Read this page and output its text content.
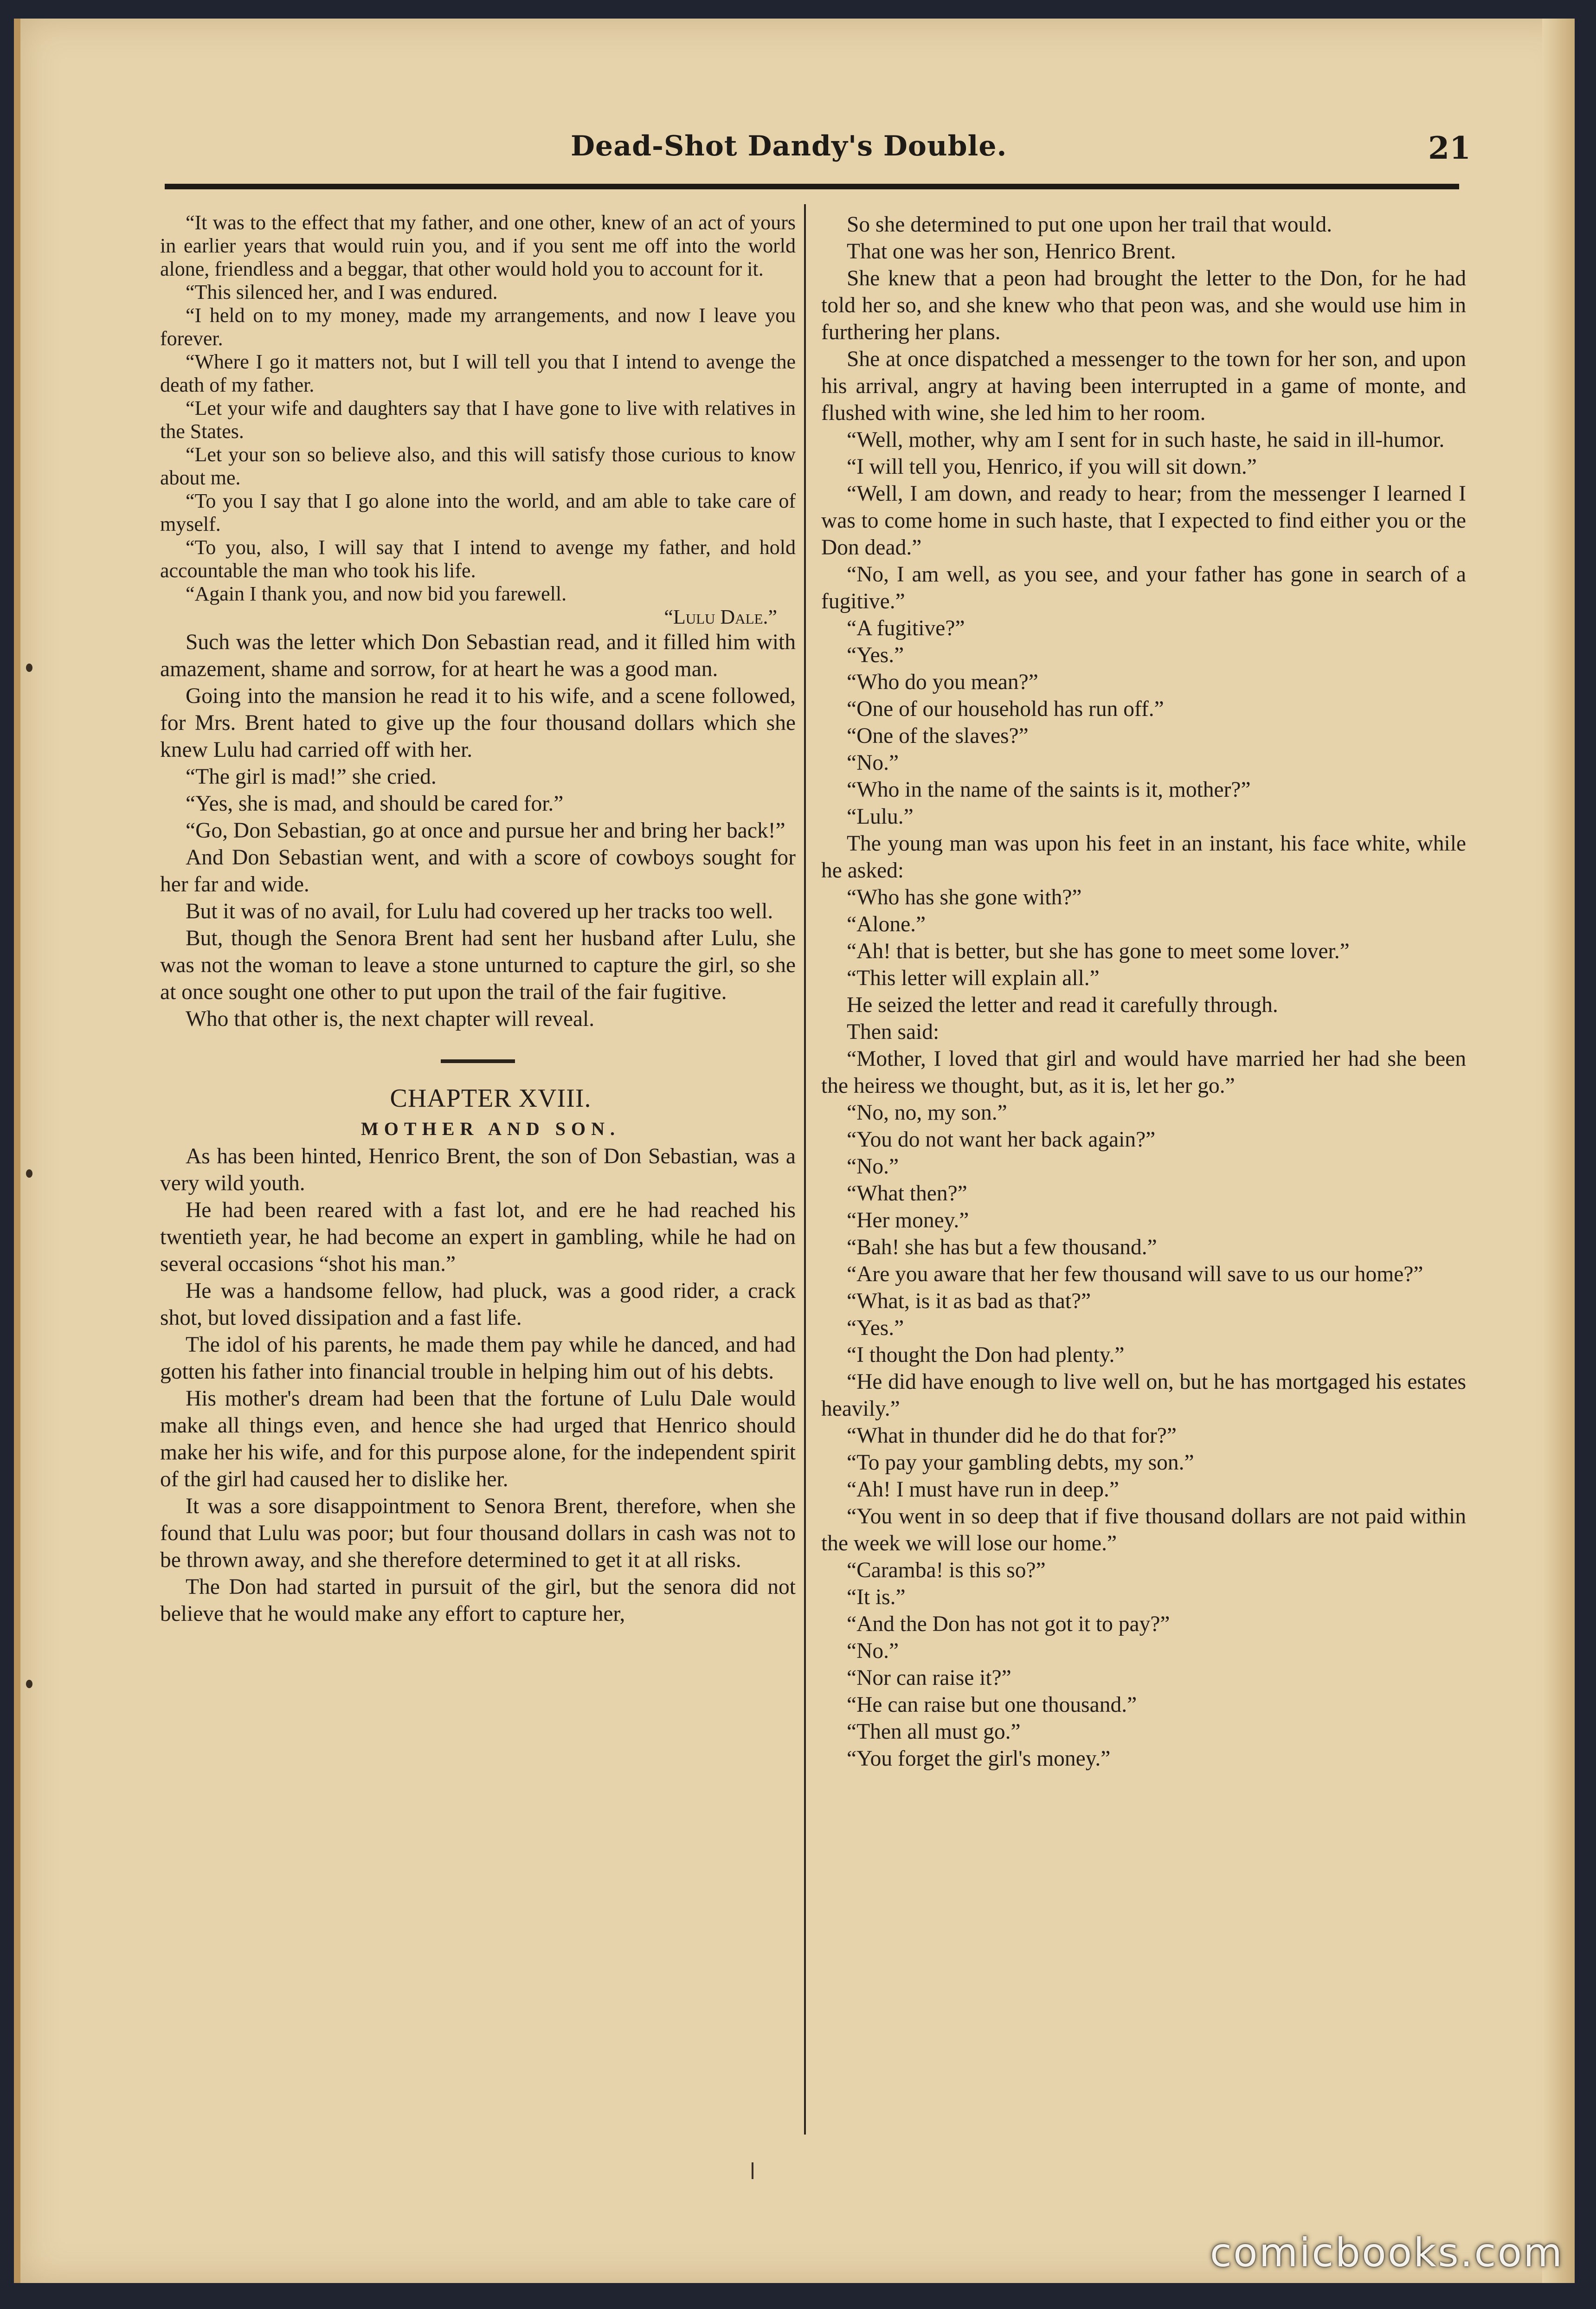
Dead-Shot Dandy's Double.	21

“It was to the effect that my father, and one other, knew of an act of yours in earlier years that would ruin you, and if you sent me off into the world alone, friendless and a beggar, that other would hold you to account for it.

“This silenced her, and I was endured.

“I held on to my money, made my arrangements, and now I leave you forever.

“Where I go it matters not, but I will tell you that I intend to avenge the death of my father.

“Let your wife and daughters say that I have gone to live with relatives in the States.

“Let your son so believe also, and this will satisfy those curious to know about me.

“To you I say that I go alone into the world, and am able to take care of myself.

“To you, also, I will say that I intend to avenge my father, and hold accountable the man who took his life.

“Again I thank you, and now bid you farewell.

“Lulu Dale.”

Such was the letter which Don Sebastian read, and it filled him with amazement, shame and sorrow, for at heart he was a good man.

Going into the mansion he read it to his wife, and a scene followed, for Mrs. Brent hated to give up the four thousand dollars which she knew Lulu had carried off with her.

“The girl is mad!” she cried.

“Yes, she is mad, and should be cared for.”

“Go, Don Sebastian, go at once and pursue her and bring her back!”

And Don Sebastian went, and with a score of cowboys sought for her far and wide.

But it was of no avail, for Lulu had covered up her tracks too well.

But, though the Senora Brent had sent her husband after Lulu, she was not the woman to leave a stone unturned to capture the girl, so she at once sought one other to put upon the trail of the fair fugitive.

Who that other is, the next chapter will reveal.

CHAPTER XVIII.

MOTHER AND SON.

As has been hinted, Henrico Brent, the son of Don Sebastian, was a very wild youth.

He had been reared with a fast lot, and ere he had reached his twentieth year, he had become an expert in gambling, while he had on several occasions “shot his man.”

He was a handsome fellow, had pluck, was a good rider, a crack shot, but loved dissipation and a fast life.

The idol of his parents, he made them pay while he danced, and had gotten his father into financial trouble in helping him out of his debts.

His mother's dream had been that the fortune of Lulu Dale would make all things even, and hence she had urged that Henrico should make her his wife, and for this purpose alone, for the independent spirit of the girl had caused her to dislike her.

It was a sore disappointment to Senora Brent, therefore, when she found that Lulu was poor; but four thousand dollars in cash was not to be thrown away, and she therefore determined to get it at all risks.

The Don had started in pursuit of the girl, but the senora did not believe that he would make any effort to capture her,

So she determined to put one upon her trail that would.

That one was her son, Henrico Brent.

She knew that a peon had brought the letter to the Don, for he had told her so, and she knew who that peon was, and she would use him in furthering her plans.

She at once dispatched a messenger to the town for her son, and upon his arrival, angry at having been interrupted in a game of monte, and flushed with wine, she led him to her room.

“Well, mother, why am I sent for in such haste, he said in ill-humor.

“I will tell you, Henrico, if you will sit down.”

“Well, I am down, and ready to hear; from the messenger I learned I was to come home in such haste, that I expected to find either you or the Don dead.”

“No, I am well, as you see, and your father has gone in search of a fugitive.”

“A fugitive?”

“Yes.”

“Who do you mean?”

“One of our household has run off.”

“One of the slaves?”

“No.”

“Who in the name of the saints is it, mother?”

“Lulu.”

The young man was upon his feet in an instant, his face white, while he asked:

“Who has she gone with?”

“Alone.”

“Ah! that is better, but she has gone to meet some lover.”

“This letter will explain all.”

He seized the letter and read it carefully through.

Then said:

“Mother, I loved that girl and would have married her had she been the heiress we thought, but, as it is, let her go.”

“No, no, my son.”

“You do not want her back again?”

“No.”

“What then?”

“Her money.”

“Bah! she has but a few thousand.”

“Are you aware that her few thousand will save to us our home?”

“What, is it as bad as that?”

“Yes.”

“I thought the Don had plenty.”

“He did have enough to live well on, but he has mortgaged his estates heavily.”

“What in thunder did he do that for?”

“To pay your gambling debts, my son.”

“Ah! I must have run in deep.”

“You went in so deep that if five thousand dollars are not paid within the week we will lose our home.”

“Caramba! is this so?”

“It is.”

“And the Don has not got it to pay?”

“No.”

“Nor can raise it?”

“He can raise but one thousand.”

“Then all must go.”

“You forget the girl's money.”

comicbooks.com
